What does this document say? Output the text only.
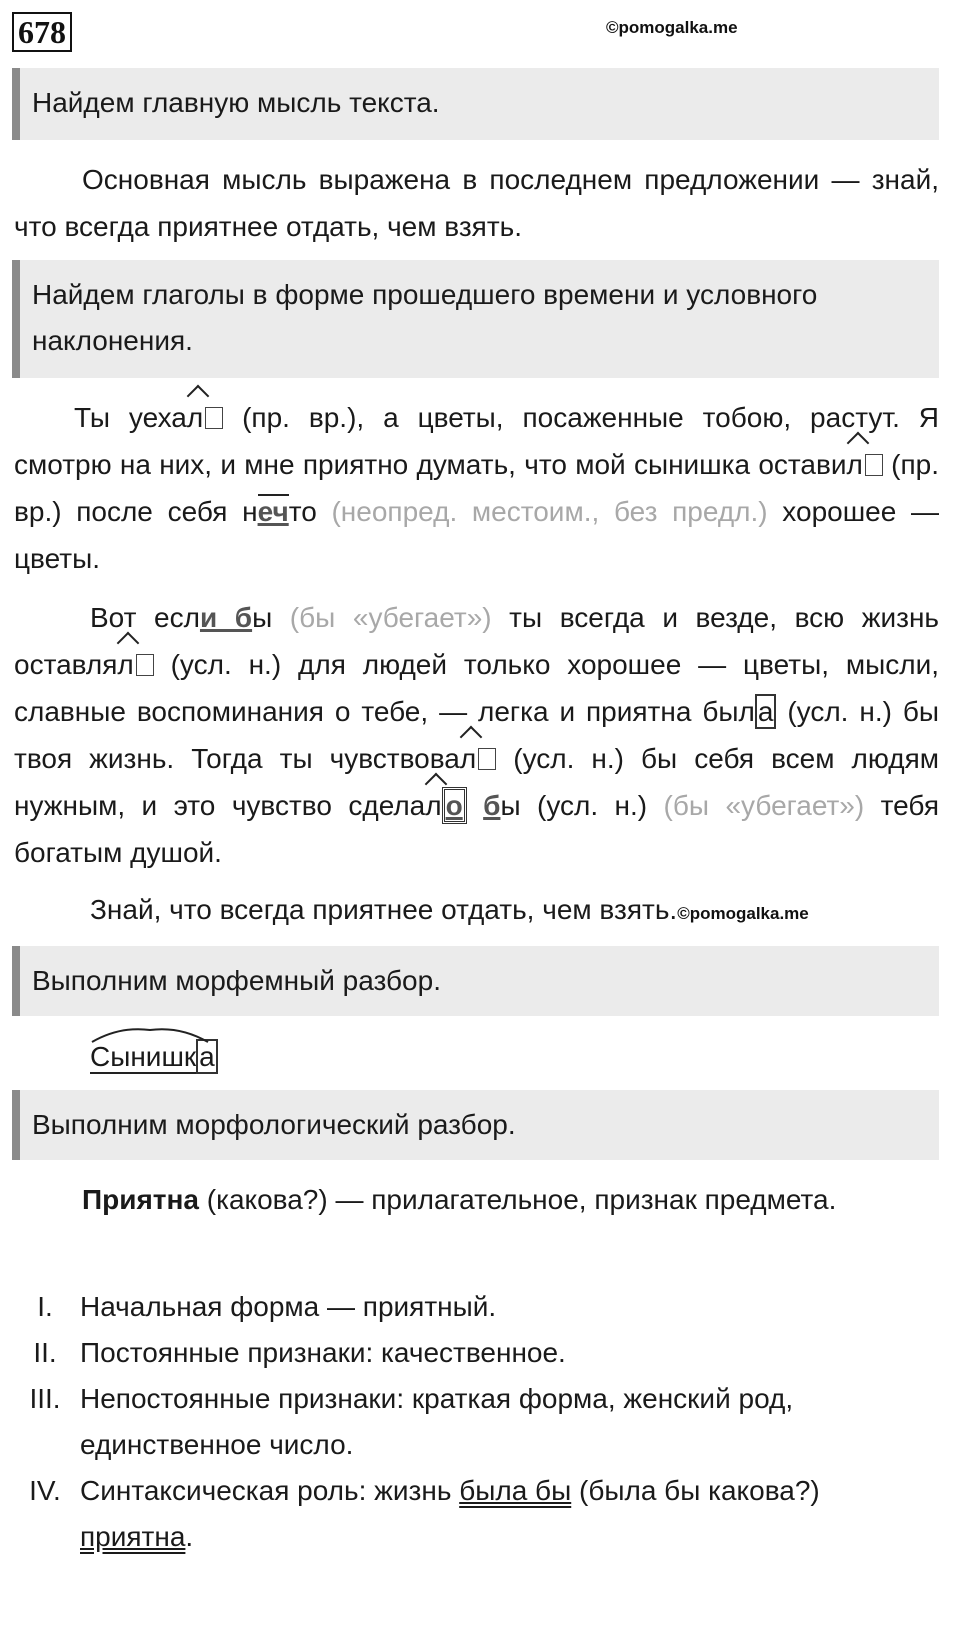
678	©pomogalka.me
Найдем главную мысль текста.
Основная мысль выражена в последнем предложении — знай, что всегда приятнее отдать, чем взять.
Найдем глаголы в форме прошедшего времени и условного наклонения.
Ты уехал (пр. вр.), а цветы, посаженные тобою, растут. Я смотрю на них, и мне приятно думать, что мой сынишка оставил (пр. вр.) после себя нечто (неопред. местоим., без предл.) хорошее — цветы.
Вот если бы (бы «убегает») ты всегда и везде, всю жизнь оставлял (усл. н.) для людей только хорошее — цветы, мысли, славные воспоминания о тебе, — легка и приятна был а (усл. н.) бы твоя жизнь. Тогда ты чувствовал (усл. н.) бы себя всем людям нужным, и это чувство сделал о бы (усл. н.) (бы «убегает») тебя богатым душой.
Знай, что всегда приятнее отдать, чем взять.©pomogalka.me
Выполним морфемный разбор.
Сынишк а
Выполним морфологический разбор.
Приятна (какова?) — прилагательное, признак предмета.
I. Начальная форма — приятный.
II. Постоянные признаки: качественное.
III. Непостоянные признаки: краткая форма, женский род, единственное число.
IV. Синтаксическая роль: жизнь была бы (была бы какова?) приятна.
